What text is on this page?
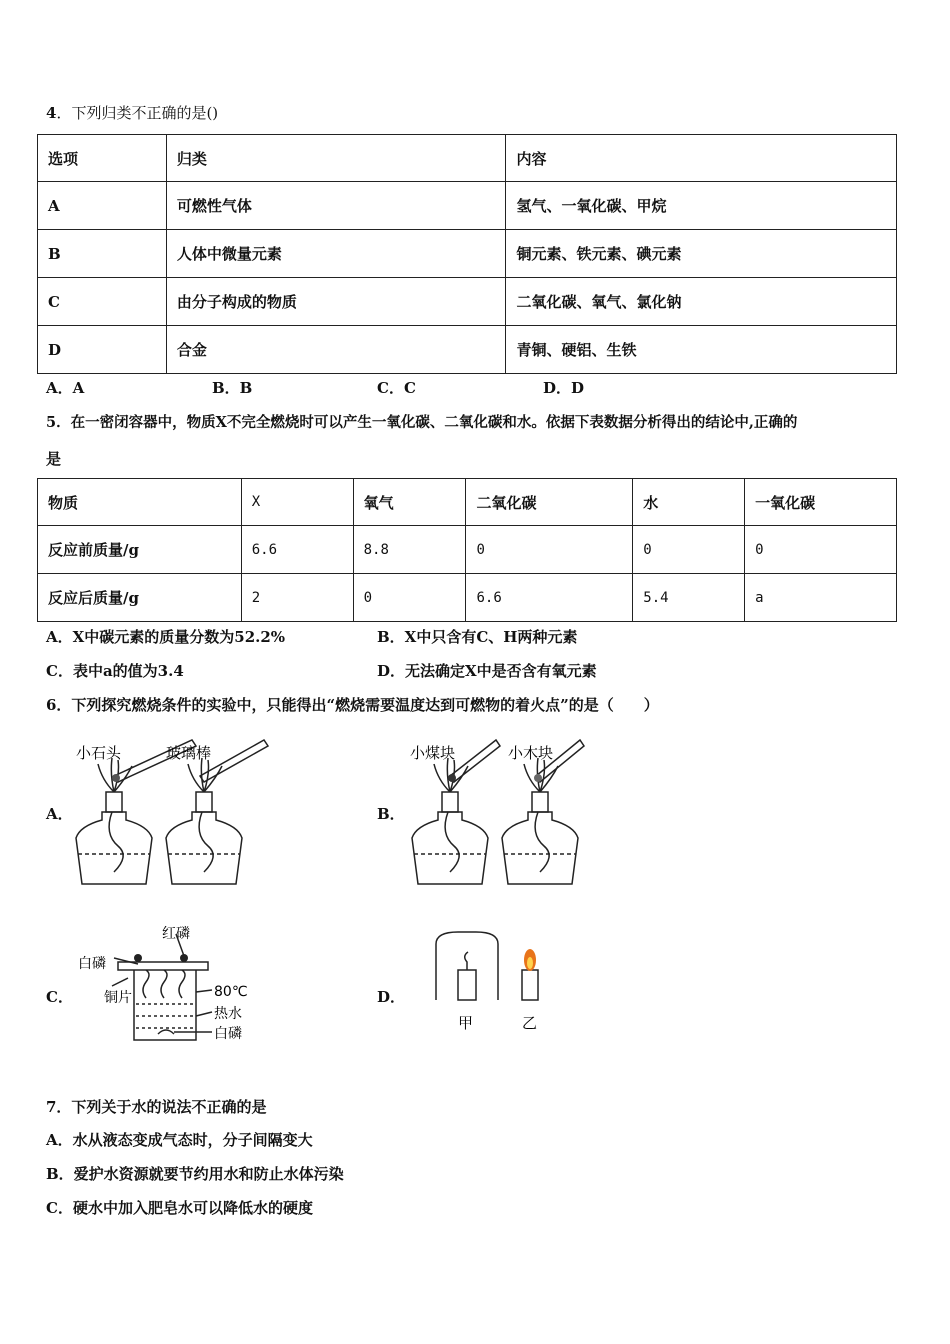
4．下列归类不正确的是()
选项	归类	内容
A	可燃性气体	氢气、一氧化碳、甲烷
B	人体中微量元素	铜元素、铁元素、碘元素
C	由分子构成的物质	二氧化碳、氧气、氯化钠
D	合金	青铜、硬铝、生铁
A．A	B．B	C．C	D．D
5．在一密闭容器中，物质X不完全燃烧时可以产生一氧化碳、二氧化碳和水。依据下表数据分析得出的结论中,正确的
是
物质	X	氧气	二氧化碳	水	一氧化碳
反应前质量/g	6.6	8.8	0	0	0
反应后质量/g	2	0	6.6	5.4	a
A．X中碳元素的质量分数为52.2%	B．X中只含有C、H两种元素
C．表中a的值为3.4	D．无法确定X中是否含有氧元素
6．下列探究燃烧条件的实验中，只能得出“燃烧需要温度达到可燃物的着火点”的是（　　）
A．	B．
C．	D．
小石头	玻璃棒	小煤块	小木块
红磷
白磷
铜片	80℃
热水
白磷
甲	乙
7．下列关于水的说法不正确的是
A．水从液态变成气态时，分子间隔变大
B．爱护水资源就要节约用水和防止水体污染
C．硬水中加入肥皂水可以降低水的硬度
